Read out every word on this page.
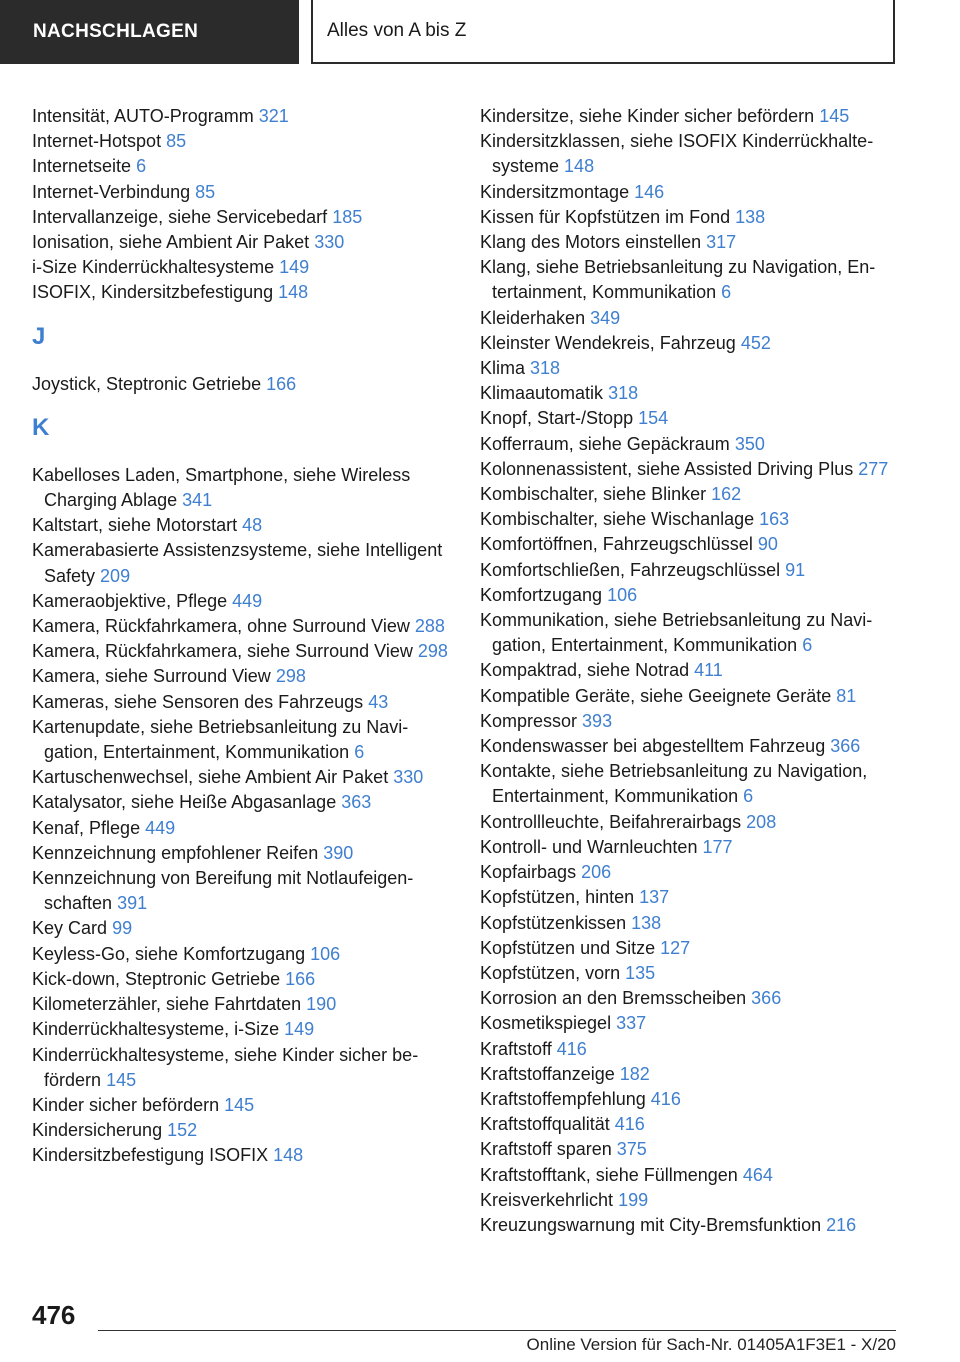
NACHSCHLAGEN	Alles von A bis Z
Intensität, AUTO-Programm 321
Internet-Hotspot 85
Internetseite 6
Internet-Verbindung 85
Intervallanzeige, siehe Servicebedarf 185
Ionisation, siehe Ambient Air Paket 330
i-Size Kinderrückhaltesysteme 149
ISOFIX, Kindersitzbefestigung 148
J
Joystick, Steptronic Getriebe 166
K
Kabelloses Laden, Smartphone, siehe Wireless Charging Ablage 341
Kaltstart, siehe Motorstart 48
Kamerabasierte Assistenzsysteme, siehe Intelligent Safety 209
Kameraobjektive, Pflege 449
Kamera, Rückfahrkamera, ohne Surround View 288
Kamera, Rückfahrkamera, siehe Surround View 298
Kamera, siehe Surround View 298
Kameras, siehe Sensoren des Fahrzeugs 43
Kartenupdate, siehe Betriebsanleitung zu Navigation, Entertainment, Kommunikation 6
Kartuschenwechsel, siehe Ambient Air Paket 330
Katalysator, siehe Heiße Abgasanlage 363
Kenaf, Pflege 449
Kennzeichnung empfohlener Reifen 390
Kennzeichnung von Bereifung mit Notlaufeigenschaften 391
Key Card 99
Keyless-Go, siehe Komfortzugang 106
Kick-down, Steptronic Getriebe 166
Kilometerzähler, siehe Fahrtdaten 190
Kinderrückhaltesysteme, i-Size 149
Kinderrückhaltesysteme, siehe Kinder sicher befördern 145
Kinder sicher befördern 145
Kindersicherung 152
Kindersitzbefestigung ISOFIX 148
Kindersitze, siehe Kinder sicher befördern 145
Kindersitzklassen, siehe ISOFIX Kinderrückhaltesysteme 148
Kindersitzmontage 146
Kissen für Kopfstützen im Fond 138
Klang des Motors einstellen 317
Klang, siehe Betriebsanleitung zu Navigation, Entertainment, Kommunikation 6
Kleiderhaken 349
Kleinster Wendekreis, Fahrzeug 452
Klima 318
Klimaautomatik 318
Knopf, Start-/Stopp 154
Kofferraum, siehe Gepäckraum 350
Kolonnenassistent, siehe Assisted Driving Plus 277
Kombischalter, siehe Blinker 162
Kombischalter, siehe Wischanlage 163
Komfortöffnen, Fahrzeugschlüssel 90
Komfortschließen, Fahrzeugschlüssel 91
Komfortzugang 106
Kommunikation, siehe Betriebsanleitung zu Navigation, Entertainment, Kommunikation 6
Kompaktrad, siehe Notrad 411
Kompatible Geräte, siehe Geeignete Geräte 81
Kompressor 393
Kondenswasser bei abgestelltem Fahrzeug 366
Kontakte, siehe Betriebsanleitung zu Navigation, Entertainment, Kommunikation 6
Kontrollleuchte, Beifahrerairbags 208
Kontroll- und Warnleuchten 177
Kopfairbags 206
Kopfstützen, hinten 137
Kopfstützenkissen 138
Kopfstützen und Sitze 127
Kopfstützen, vorn 135
Korrosion an den Bremsscheiben 366
Kosmetikspiegel 337
Kraftstoff 416
Kraftstoffanzeige 182
Kraftstoffempfehlung 416
Kraftstoffqualität 416
Kraftstoff sparen 375
Kraftstofftank, siehe Füllmengen 464
Kreisverkehrlicht 199
Kreuzungswarnung mit City-Bremsfunktion 216
476
Online Version für Sach-Nr. 01405A1F3E1 - X/20
